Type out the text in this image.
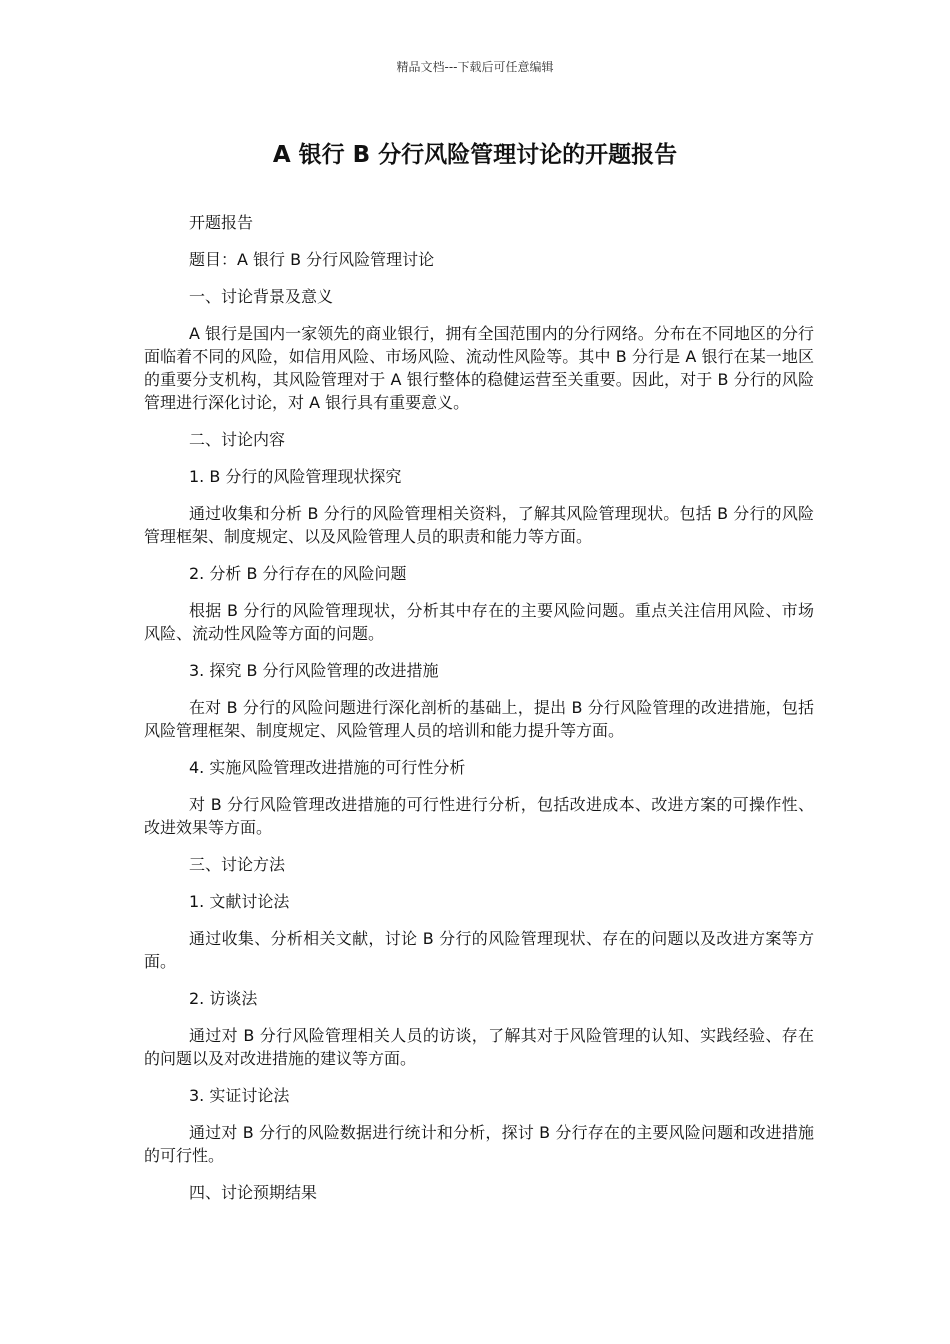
精品文档---下载后可任意编辑
A 银行 B 分行风险管理讨论的开题报告

开题报告

题目：A 银行 B 分行风险管理讨论

一、讨论背景及意义

A 银行是国内一家领先的商业银行，拥有全国范围内的分行网络。分布在不同地区的分行面临着不同的风险，如信用风险、市场风险、流动性风险等。其中 B 分行是 A 银行在某一地区的重要分支机构，其风险管理对于 A 银行整体的稳健运营至关重要。因此，对于 B 分行的风险管理进行深化讨论，对 A 银行具有重要意义。

二、讨论内容

1. B 分行的风险管理现状探究

通过收集和分析 B 分行的风险管理相关资料，了解其风险管理现状。包括 B 分行的风险管理框架、制度规定、以及风险管理人员的职责和能力等方面。

2. 分析 B 分行存在的风险问题

根据 B 分行的风险管理现状，分析其中存在的主要风险问题。重点关注信用风险、市场风险、流动性风险等方面的问题。

3. 探究 B 分行风险管理的改进措施

在对 B 分行的风险问题进行深化剖析的基础上，提出 B 分行风险管理的改进措施，包括风险管理框架、制度规定、风险管理人员的培训和能力提升等方面。

4. 实施风险管理改进措施的可行性分析

对 B 分行风险管理改进措施的可行性进行分析，包括改进成本、改进方案的可操作性、改进效果等方面。

三、讨论方法

1. 文献讨论法

通过收集、分析相关文献，讨论 B 分行的风险管理现状、存在的问题以及改进方案等方面。

2. 访谈法

通过对 B 分行风险管理相关人员的访谈，了解其对于风险管理的认知、实践经验、存在的问题以及对改进措施的建议等方面。

3. 实证讨论法

通过对 B 分行的风险数据进行统计和分析，探讨 B 分行存在的主要风险问题和改进措施的可行性。

四、讨论预期结果
